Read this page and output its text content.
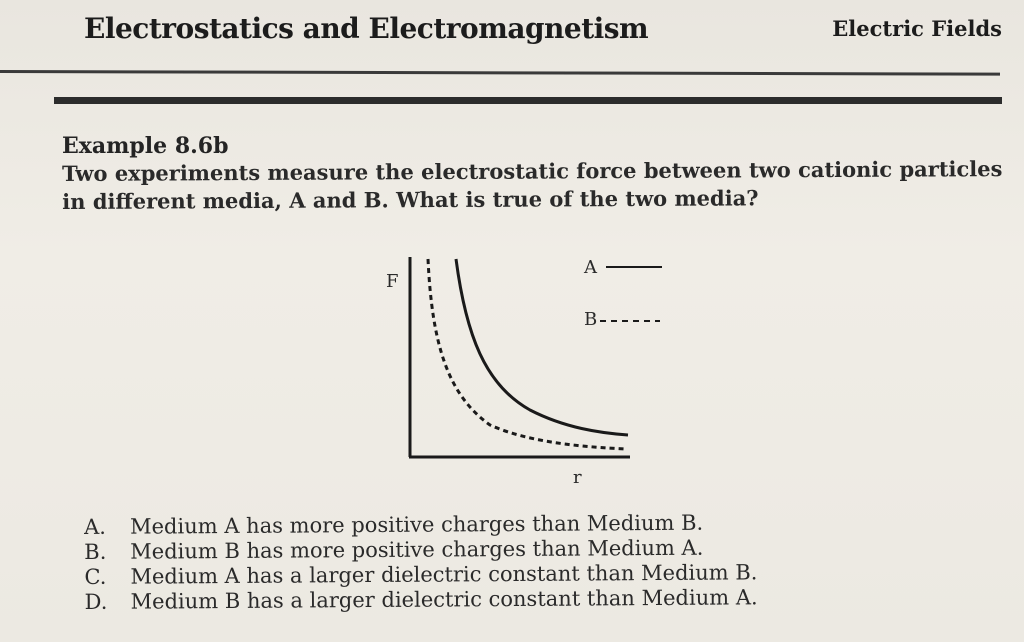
Electrostatics and Electromagnetism	Electric Fields
Example 8.6b
Two experiments measure the electrostatic force between two cationic particles in different media, A and B. What is true of the two media?
F
r
A
B
A.	Medium A has more positive charges than Medium B.
B.	Medium B has more positive charges than Medium A.
C.	Medium A has a larger dielectric constant than Medium B.
D.	Medium B has a larger dielectric constant than Medium A.
